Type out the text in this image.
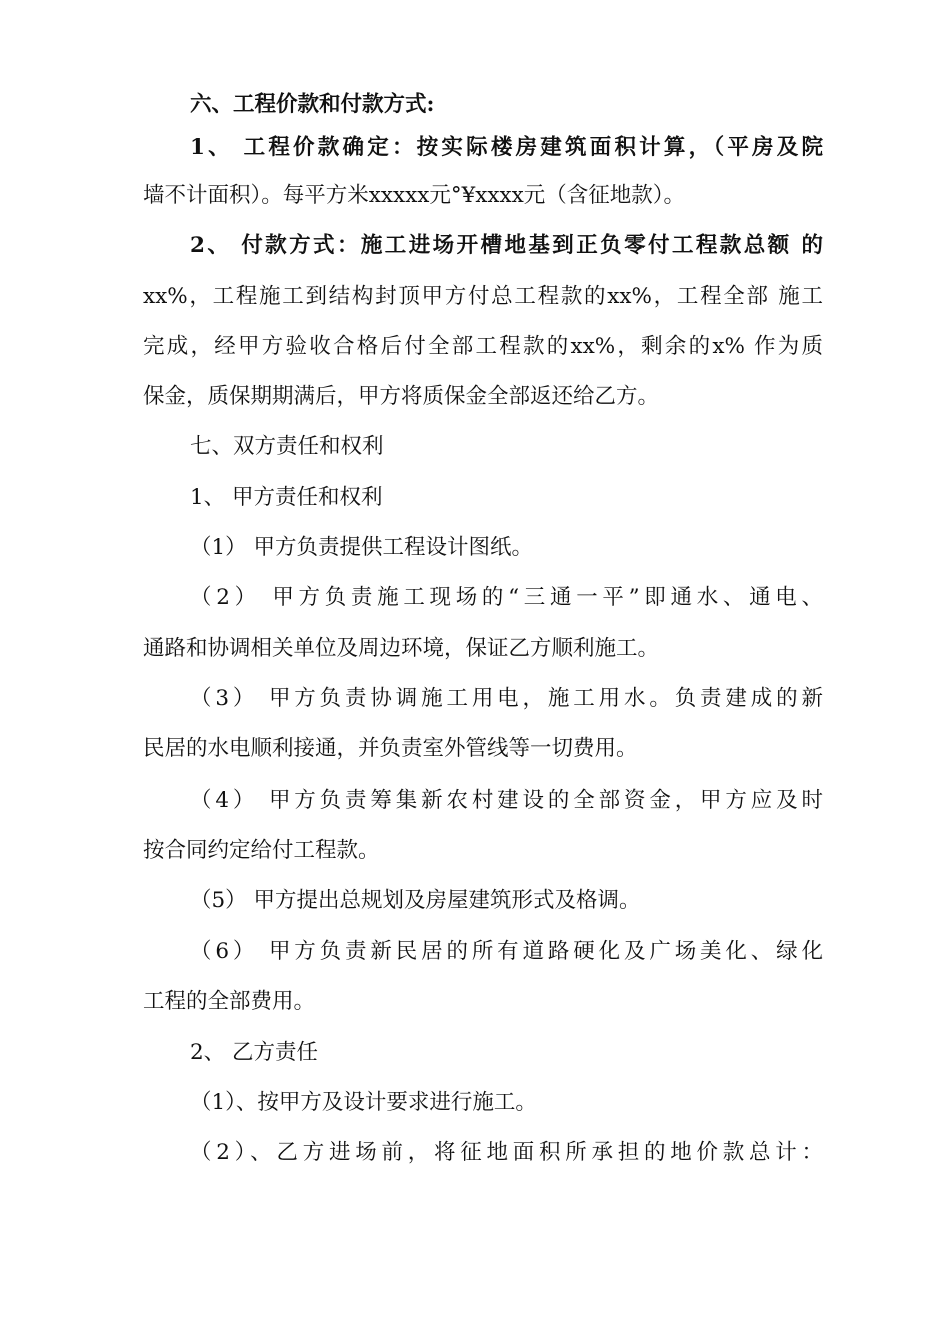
六、工程价款和付款方式:
1、 工程价款确定：按实际楼房建筑面积计算，（平房及院
墙不计面积）。每平方米xxxxx元°¥xxxx元（含征地款）。
2、 付款方式：施工进场开槽地基到正负零付工程款总额 的
xx%，工程施工到结构封顶甲方付总工程款的xx%，工程全部 施工
完成，经甲方验收合格后付全部工程款的xx%，剩余的x% 作为质
保金，质保期期满后，甲方将质保金全部返还给乙方。
七、双方责任和权利
1、 甲方责任和权利
（1） 甲方负责提供工程设计图纸。
（2） 甲方负责施工现场的“三通一平”即通水、通电、
通路和协调相关单位及周边环境，保证乙方顺利施工。
（3） 甲方负责协调施工用电，施工用水。负责建成的新
民居的水电顺利接通，并负责室外管线等一切费用。
（4） 甲方负责筹集新农村建设的全部资金，甲方应及时
按合同约定给付工程款。
（5） 甲方提出总规划及房屋建筑形式及格调。
（6） 甲方负责新民居的所有道路硬化及广场美化、绿化
工程的全部费用。
2、 乙方责任
（1）、按甲方及设计要求进行施工。
（2）、乙方进场前，将征地面积所承担的地价款总计：
